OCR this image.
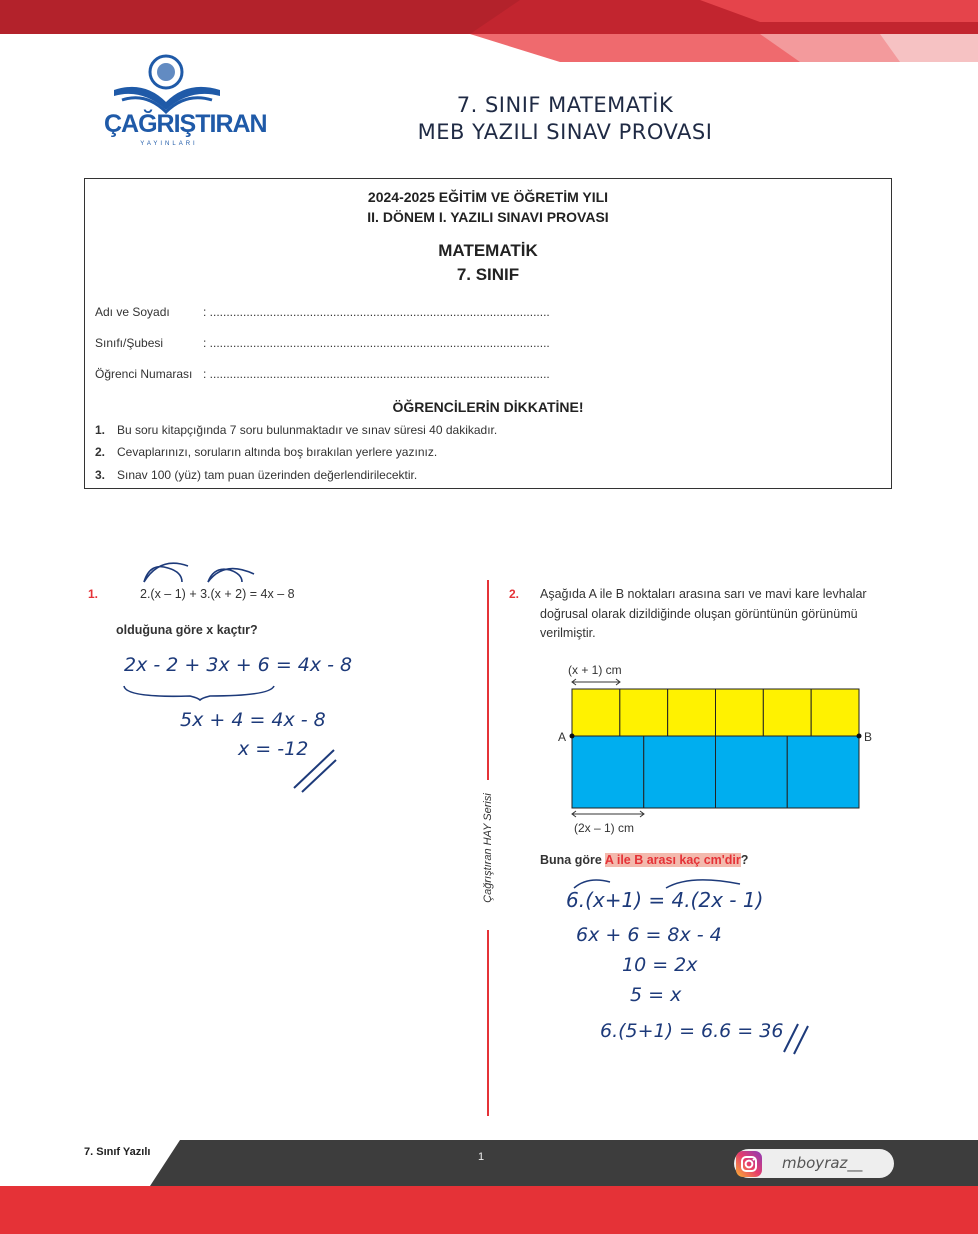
ÇAĞRIŞTIRAN
YAYINLARI
7. SINIF MATEMATİK
MEB YAZILI SINAV PROVASI
2024-2025 EĞİTİM VE ÖĞRETİM YILI
II. DÖNEM I. YAZILI SINAVI PROVASI
MATEMATİK
7. SINIF
Adı ve Soyadı	: ......................................................................................................
Sınıfı/Şubesi	: ......................................................................................................
Öğrenci Numarası : ......................................................................................................
ÖĞRENCİLERİN DİKKATİNE!
1. Bu soru kitapçığında 7 soru bulunmaktadır ve sınav süresi 40 dakikadır.
2. Cevaplarınızı, soruların altında boş bırakılan yerlere yazınız.
3. Sınav 100 (yüz) tam puan üzerinden değerlendirilecektir.
1.	2.(x – 1) + 3.(x + 2) = 4x – 8
olduğuna göre x kaçtır?
2x - 2 + 3x + 6 = 4x - 8
5x + 4 = 4x - 8
x = -12
Çağrıştıran HAY Serisi
2. Aşağıda A ile B noktaları arasına sarı ve mavi kare levhalar doğrusal olarak dizildiğinde oluşan görüntünün görünümü verilmiştir.
(x + 1) cm
A	B
(2x – 1) cm
Buna göre A ile B arası kaç cm'dir?
6.(x+1) = 4.(2x - 1)
6x + 6 = 8x - 4
10 = 2x
5 = x
6.(5+1) = 6.6 = 36
7. Sınıf Yazılı	1	mboyraz__
